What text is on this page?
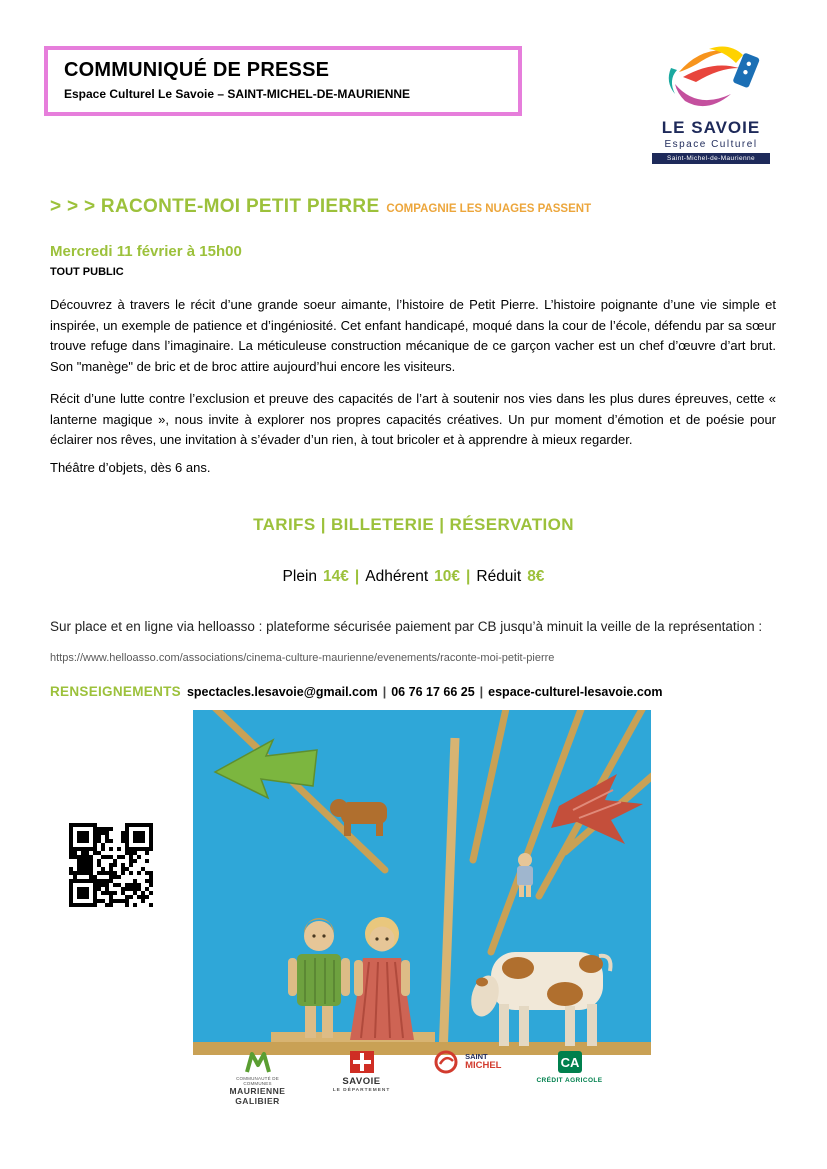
COMMUNIQUÉ DE PRESSE
Espace Culturel Le Savoie – SAINT-MICHEL-DE-MAURIENNE
LE SAVOIE
Espace Culturel
Saint-Michel-de-Maurienne
> > > RACONTE-MOI PETIT PIERRE COMPAGNIE LES NUAGES PASSENT
Mercredi 11 février à 15h00
TOUT PUBLIC

Découvrez à travers le récit d’une grande soeur aimante, l’histoire de Petit Pierre. L’histoire poignante d’une vie simple et inspirée, un exemple de patience et d’ingéniosité. Cet enfant handicapé, moqué dans la cour de l’école, défendu par sa sœur trouve refuge dans l’imaginaire. La méticuleuse construction mécanique de ce garçon vacher est un chef d’œuvre d’art brut. Son "manège" de bric et de broc attire aujourd’hui encore les visiteurs.

Récit d’une lutte contre l’exclusion et preuve des capacités de l’art à soutenir nos vies dans les plus dures épreuves, cette « lanterne magique », nous invite à explorer nos propres capacités créatives. Un pur moment d’émotion et de poésie pour éclairer nos rêves, une invitation à s’évader d’un rien, à tout bricoler et à apprendre à mieux regarder.

Théâtre d’objets, dès 6 ans.

TARIFS | BILLETERIE | RÉSERVATION
Plein 14€ | Adhérent 10€ | Réduit 8€

Sur place et en ligne via helloasso : plateforme sécurisée paiement par CB jusqu’à minuit la veille de la représentation : https://www.helloasso.com/associations/cinema-culture-maurienne/evenements/raconte-moi-petit-pierre

RENSEIGNEMENTS spectacles.lesavoie@gmail.com | 06 76 17 66 25 | espace-culturel-lesavoie.com
COMMUNAUTÉ DE COMMUNES
MAURIENNE
GALIBIER
SAVOIE
LE DÉPARTEMENT
SAINT
MICHEL	CA
CRÉDIT AGRICOLE
